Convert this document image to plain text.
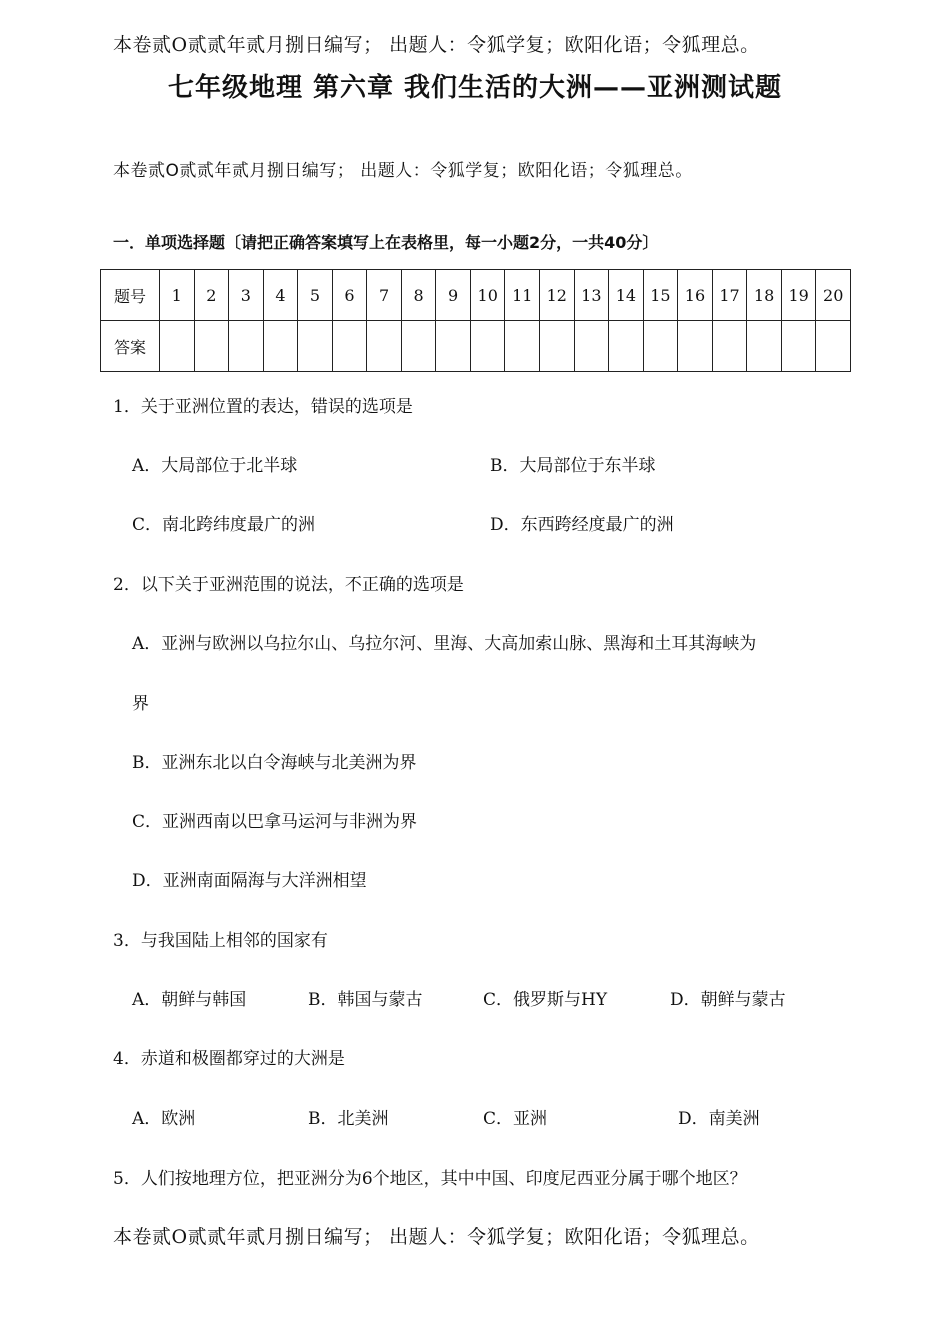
本卷贰O贰贰年贰月捌日编写； 出题人：令狐学复；欧阳化语；令狐理总。
七年级地理 第六章 我们生活的大洲——亚洲测试题
本卷贰O贰贰年贰月捌日编写； 出题人：令狐学复；欧阳化语；令狐理总。
一．单项选择题〔请把正确答案填写上在表格里，每一小题2分，一共40分〕
题号	1	2	3	4	5	6	7	8	9	10	11	12	13	14	15	16	17	18	19	20
答案																				
1．关于亚洲位置的表达，错误的选项是
A．大局部位于北半球	B．大局部位于东半球
C．南北跨纬度最广的洲	D．东西跨经度最广的洲
2．以下关于亚洲范围的说法，不正确的选项是
A．亚洲与欧洲以乌拉尔山、乌拉尔河、里海、大高加索山脉、黑海和土耳其海峡为
界
B．亚洲东北以白令海峡与北美洲为界
C．亚洲西南以巴拿马运河与非洲为界
D．亚洲南面隔海与大洋洲相望
3．与我国陆上相邻的国家有
A．朝鲜与韩国	B．韩国与蒙古	C．俄罗斯与HY	D．朝鲜与蒙古
4．赤道和极圈都穿过的大洲是
A．欧洲	B．北美洲	C．亚洲	D．南美洲
5．人们按地理方位，把亚洲分为6个地区，其中中国、印度尼西亚分属于哪个地区？
本卷贰O贰贰年贰月捌日编写； 出题人：令狐学复；欧阳化语；令狐理总。
